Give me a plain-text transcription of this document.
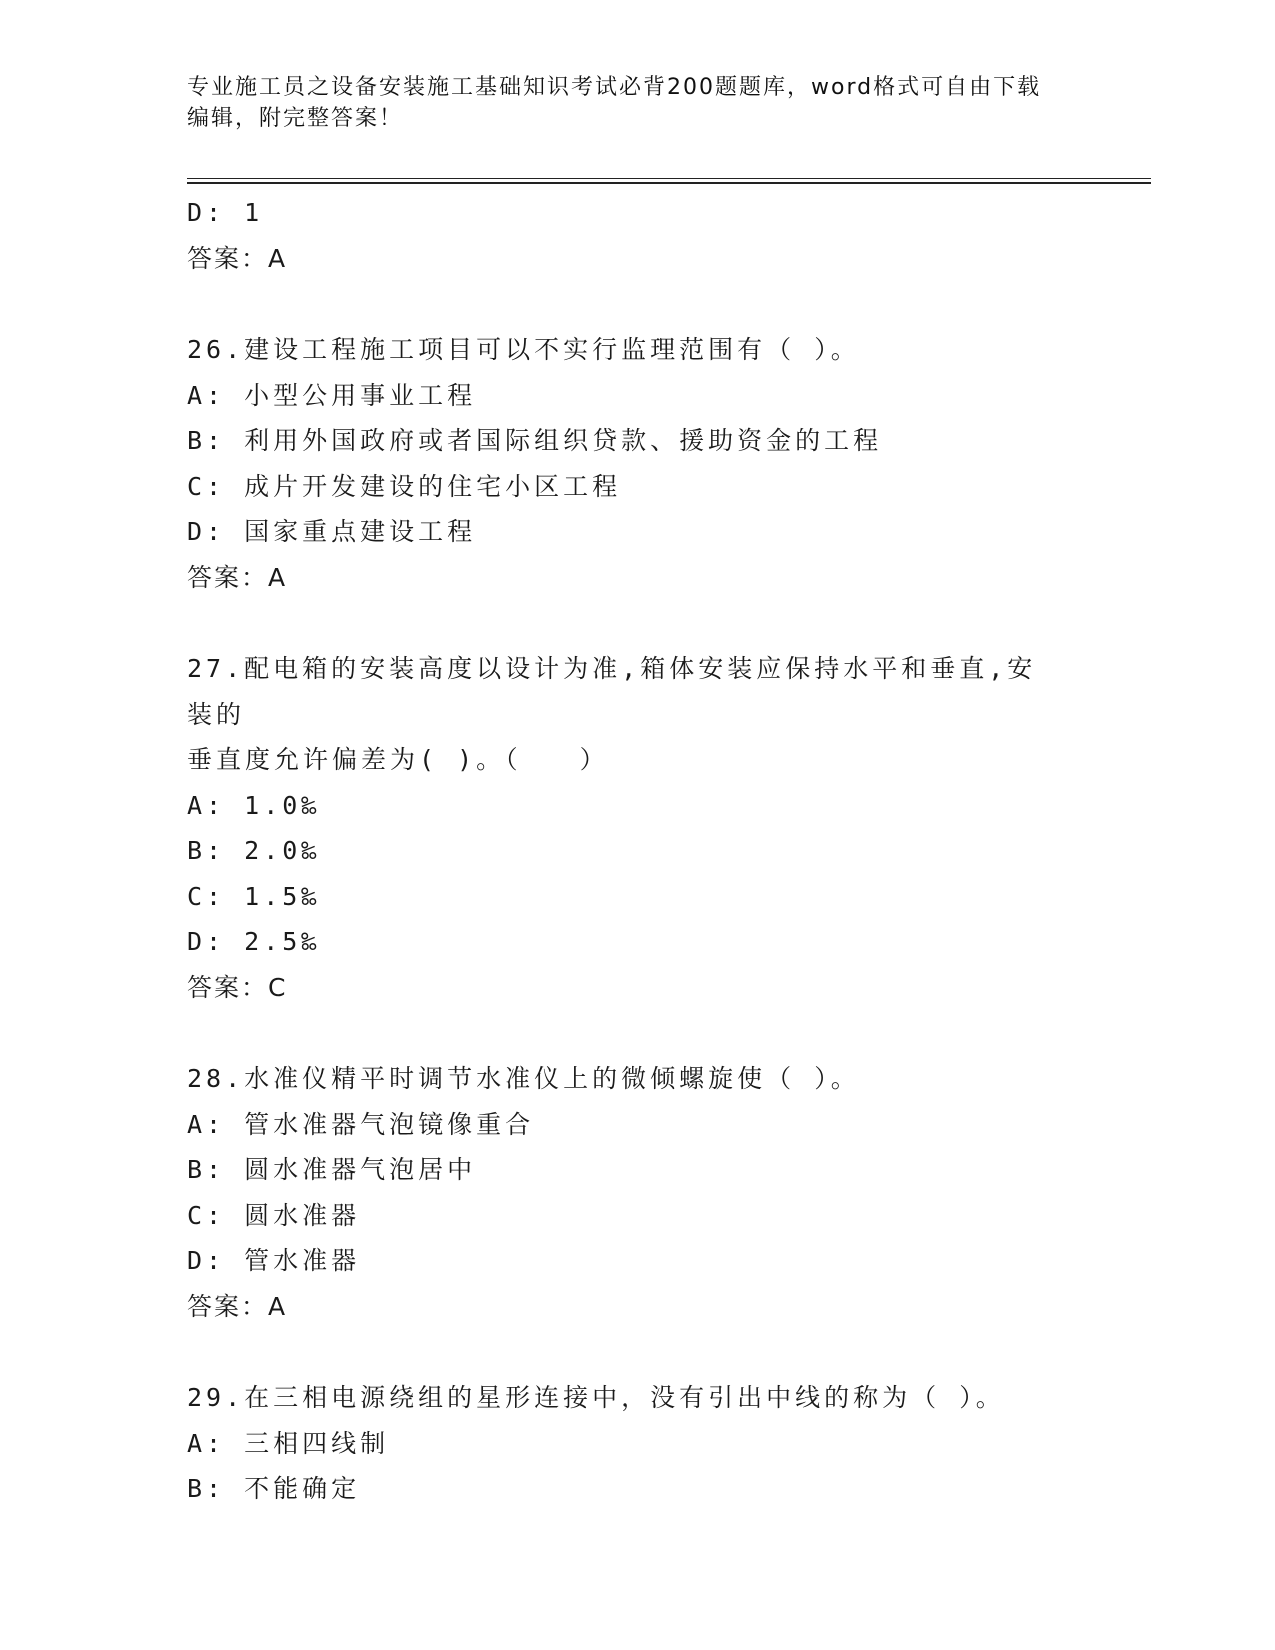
专业施工员之设备安装施工基础知识考试必背200题题库，word格式可自由下载
编辑，附完整答案！
D: 1
答案：A
26.建设工程施工项目可以不实行监理范围有（ ）。
A: 小型公用事业工程
B: 利用外国政府或者国际组织贷款、援助资金的工程
C: 成片开发建设的住宅小区工程
D: 国家重点建设工程
答案：A
27.配电箱的安装高度以设计为准,箱体安装应保持水平和垂直,安装的
垂直度允许偏差为( )。（　　）
A: 1.0‰
B: 2.0‰
C: 1.5‰
D: 2.5‰
答案：C
28.水准仪精平时调节水准仪上的微倾螺旋使（ ）。
A: 管水准器气泡镜像重合
B: 圆水准器气泡居中
C: 圆水准器
D: 管水准器
答案：A
29.在三相电源绕组的星形连接中，没有引出中线的称为（ ）。
A: 三相四线制
B: 不能确定
